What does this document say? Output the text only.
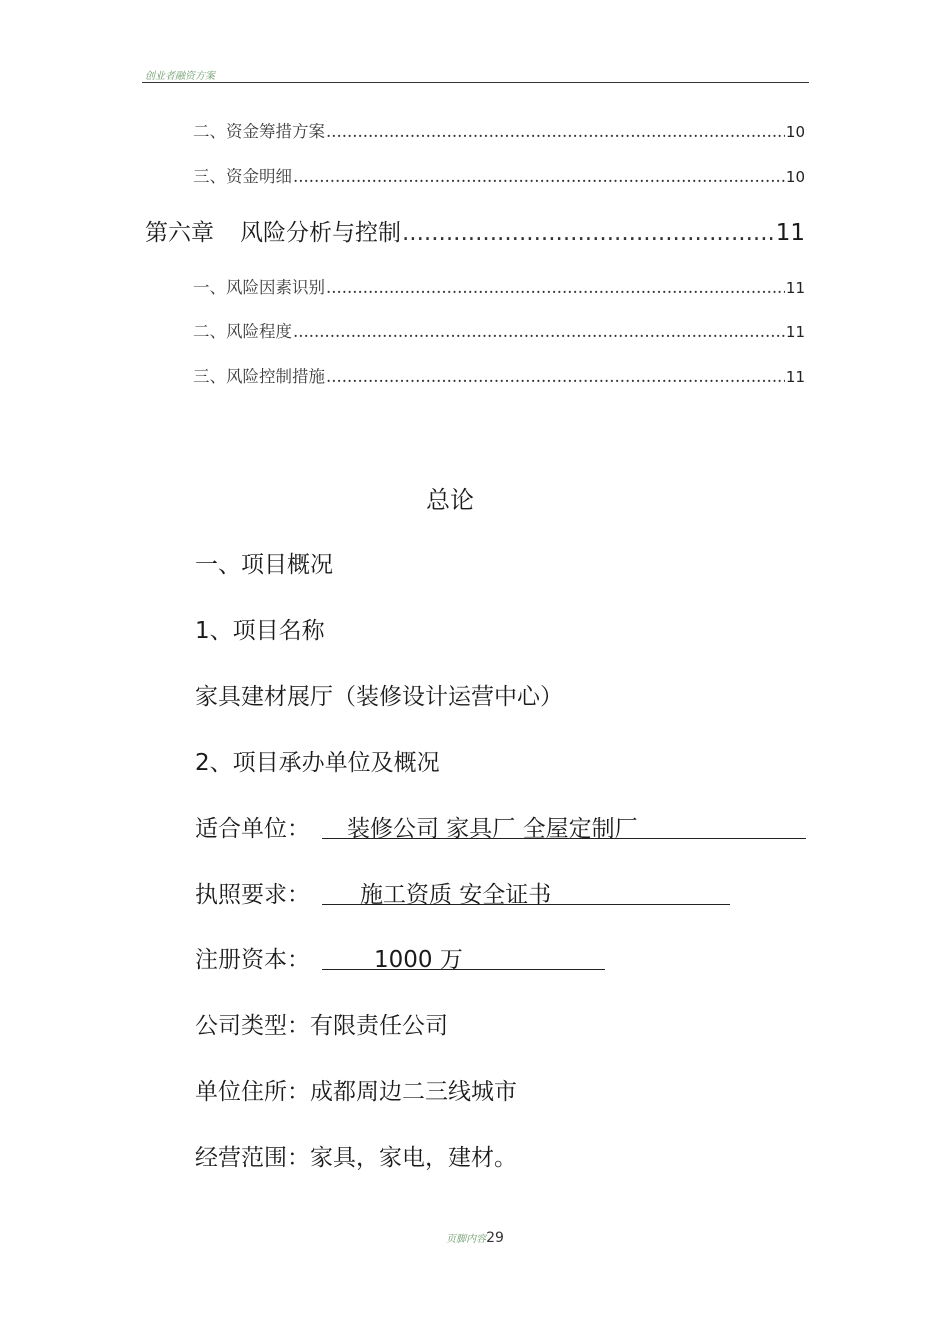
创业者融资方案
二、资金筹措方案 .....	10
三、资金明细 .....	10
第六章 风险分析与控制 .....	11
一、风险因素识别 .....	11
二、风险程度 .....	11
三、风险控制措施 .....	11
总论
一、项目概况
1、项目名称
家具建材展厅（装修设计运营中心）
2、项目承办单位及概况
适合单位： 装修公司 家具厂 全屋定制厂
执照要求： 施工资质 安全证书
注册资本：	1000 万
公司类型：有限责任公司
单位住所：成都周边二三线城市
经营范围：家具，家电，建材。
页脚内容29
